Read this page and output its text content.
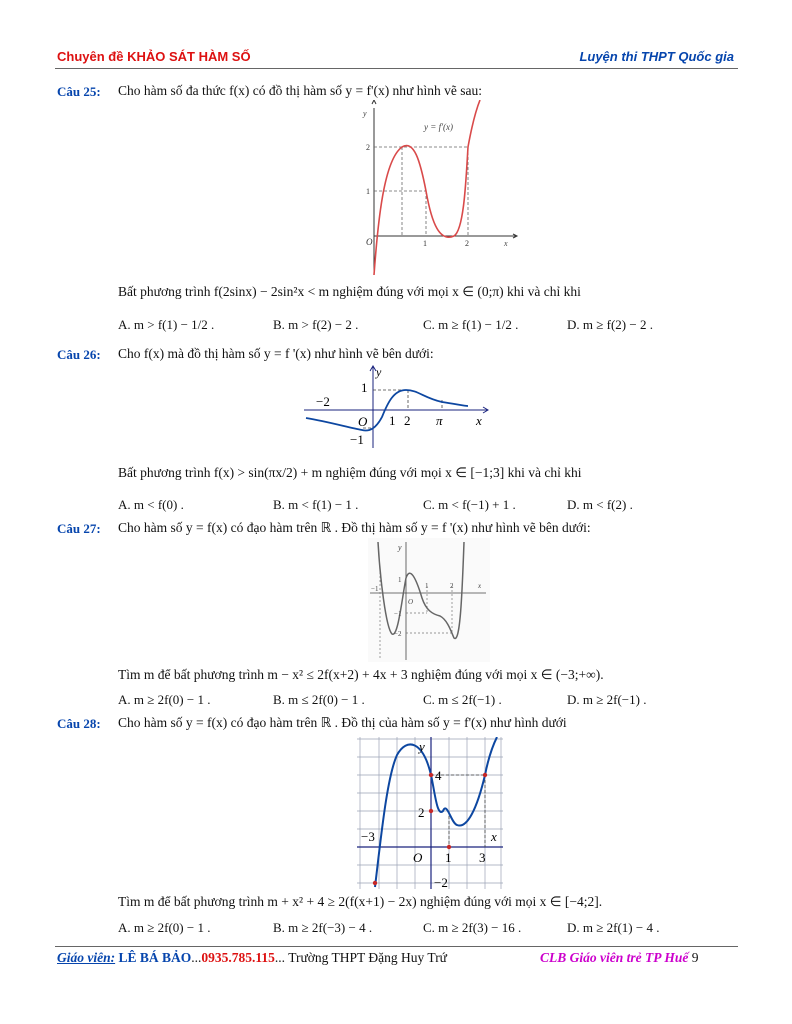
Chuyên đề KHẢO SÁT HÀM SỐ	Luyện thi THPT Quốc gia
Câu 25: Cho hàm số đa thức f(x) có đồ thị hàm số y = f'(x) như hình vẽ sau:
y = f'(x)
y
x
O	1	2
1
2
Bất phương trình f(2sinx) − 2sin²x < m nghiệm đúng với mọi x ∈ (0;π) khi và chỉ khi
A. m > f(1) − 1/2 .	B. m > f(2) − 2 .	C. m ≥ f(1) − 1/2 .	D. m ≥ f(2) − 2 .
Câu 26: Cho f(x) mà đồ thị hàm số y = f '(x) như hình vẽ bên dưới:
y
x
O
−2
1 2 π
1
−1
Bất phương trình f(x) > sin(πx/2) + m nghiệm đúng với mọi x ∈ [−1;3] khi và chỉ khi
A. m < f(0) .	B. m < f(1) − 1 .	C. m < f(−1) + 1 .	D. m < f(2) .
Câu 27: Cho hàm số y = f(x) có đạo hàm trên ℝ . Đồ thị hàm số y = f '(x) như hình vẽ bên dưới:
y
x
O
−1	1	2
1
−1
−2
Tìm m để bất phương trình m − x² ≤ 2f(x+2) + 4x + 3 nghiệm đúng với mọi x ∈ (−3;+∞).
A. m ≥ 2f(0) − 1 .	B. m ≤ 2f(0) − 1 .	C. m ≤ 2f(−1) .	D. m ≥ 2f(−1) .
Câu 28: Cho hàm số y = f(x) có đạo hàm trên ℝ . Đồ thị của hàm số y = f'(x) như hình dưới
y
x
O
−3
1 3
4
2
−2
Tìm m để bất phương trình m + x² + 4 ≥ 2(f(x+1) − 2x) nghiệm đúng với mọi x ∈ [−4;2].
A. m ≥ 2f(0) − 1 .	B. m ≥ 2f(−3) − 4 .	C. m ≥ 2f(3) − 16 .	D. m ≥ 2f(1) − 4 .
Giáo viên: LÊ BÁ BẢO...0935.785.115... Trường THPT Đặng Huy Trứ	CLB Giáo viên trẻ TP Huế 9
